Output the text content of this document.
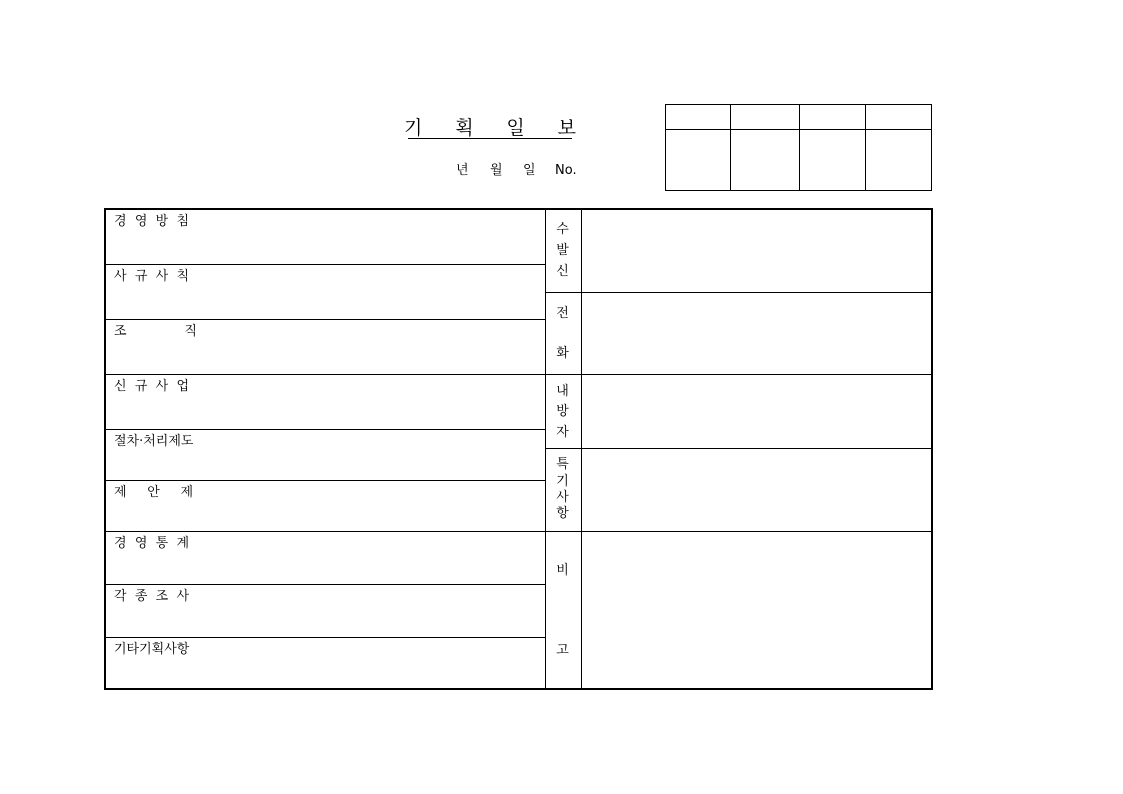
기 획 일 보
년 월 일 No.
경  영  방  침
사  규  사  칙
조              직
신  규  사  업
절차·처리제도
제     안     제
경  영  통  계
각  종  조  사
기타기획사항
수
발
신
전
화
내
방
자
특
기
사
항
비
고
